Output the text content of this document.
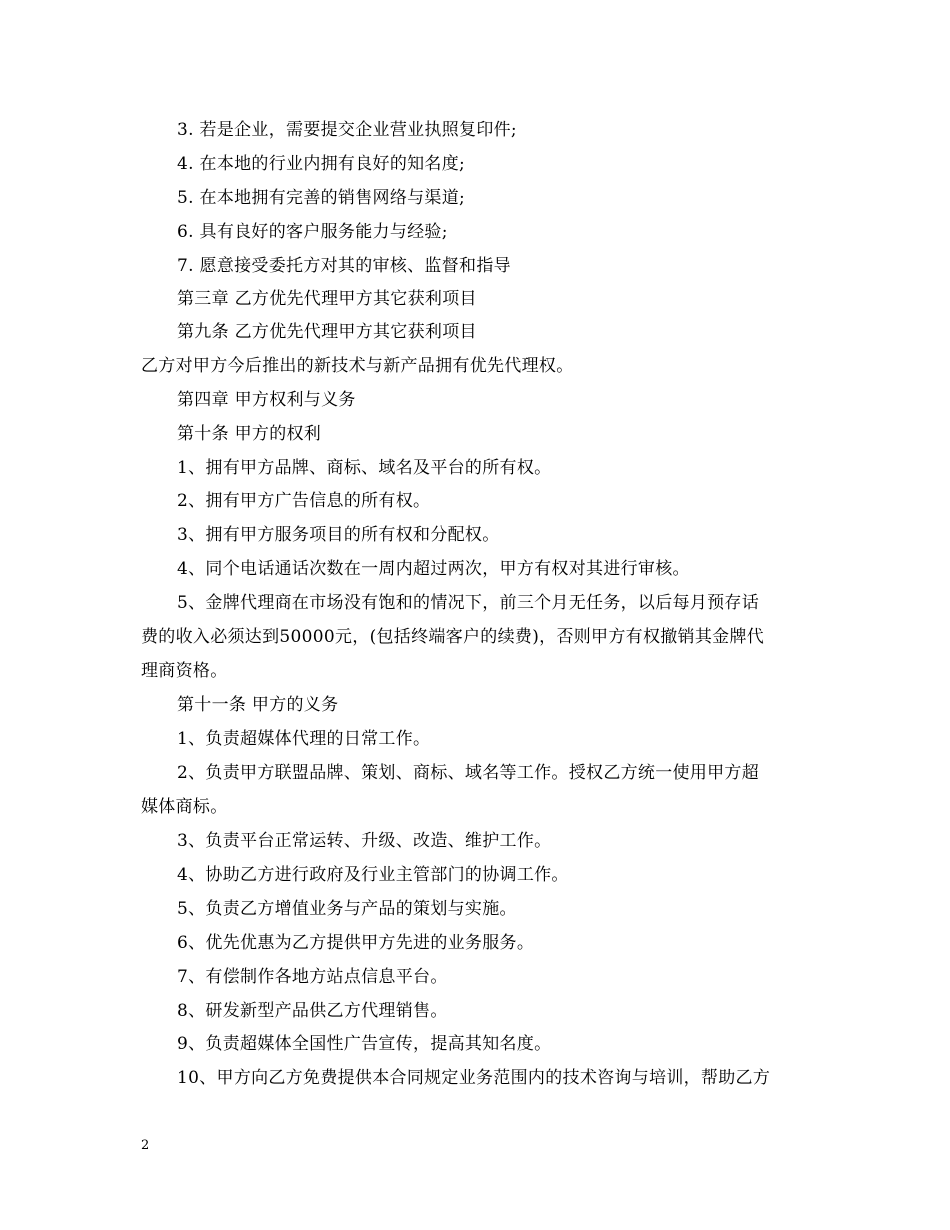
3. 若是企业，需要提交企业营业执照复印件;
4. 在本地的行业内拥有良好的知名度;
5. 在本地拥有完善的销售网络与渠道;
6. 具有良好的客户服务能力与经验;
7. 愿意接受委托方对其的审核、监督和指导
第三章 乙方优先代理甲方其它获利项目
第九条 乙方优先代理甲方其它获利项目
乙方对甲方今后推出的新技术与新产品拥有优先代理权。
第四章 甲方权利与义务
第十条 甲方的权利
1、拥有甲方品牌、商标、域名及平台的所有权。
2、拥有甲方广告信息的所有权。
3、拥有甲方服务项目的所有权和分配权。
4、同个电话通话次数在一周内超过两次，甲方有权对其进行审核。
5、金牌代理商在市场没有饱和的情况下，前三个月无任务，以后每月预存话
费的收入必须达到50000元，(包括终端客户的续费)，否则甲方有权撤销其金牌代
理商资格。
第十一条 甲方的义务
1、负责超媒体代理的日常工作。
2、负责甲方联盟品牌、策划、商标、域名等工作。授权乙方统一使用甲方超
媒体商标。
3、负责平台正常运转、升级、改造、维护工作。
4、协助乙方进行政府及行业主管部门的协调工作。
5、负责乙方增值业务与产品的策划与实施。
6、优先优惠为乙方提供甲方先进的业务服务。
7、有偿制作各地方站点信息平台。
8、研发新型产品供乙方代理销售。
9、负责超媒体全国性广告宣传，提高其知名度。
10、甲方向乙方免费提供本合同规定业务范围内的技术咨询与培训，帮助乙方
2
